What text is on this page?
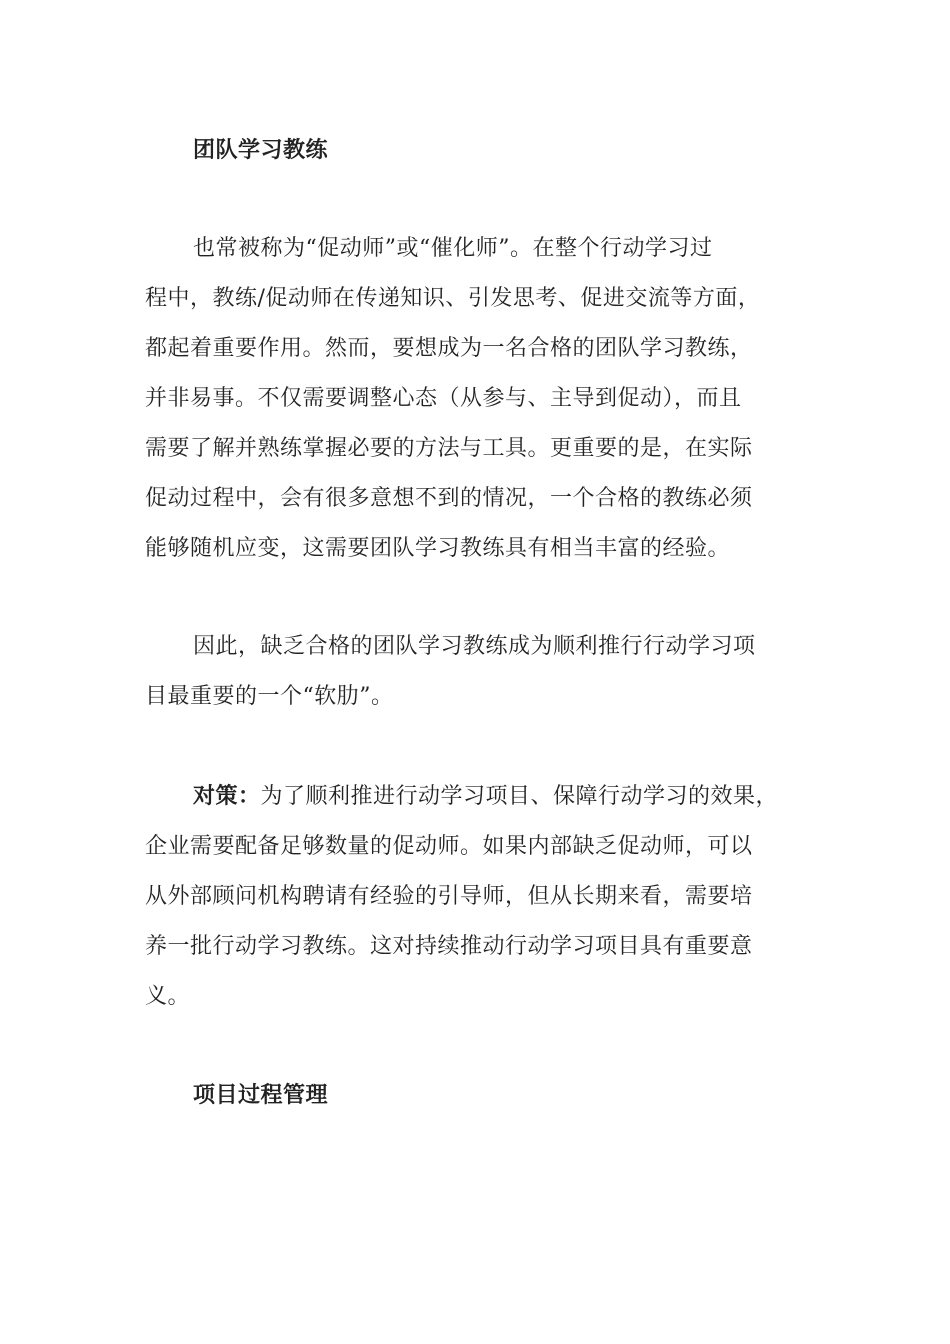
团队学习教练
也常被称为“促动师”或“催化师”。在整个行动学习过
程中，教练/促动师在传递知识、引发思考、促进交流等方面，
都起着重要作用。然而，要想成为一名合格的团队学习教练，
并非易事。不仅需要调整心态（从参与、主导到促动），而且
需要了解并熟练掌握必要的方法与工具。更重要的是，在实际
促动过程中，会有很多意想不到的情况，一个合格的教练必须
能够随机应变，这需要团队学习教练具有相当丰富的经验。
因此，缺乏合格的团队学习教练成为顺利推行行动学习项
目最重要的一个“软肋”。
对策：为了顺利推进行动学习项目、保障行动学习的效果，
企业需要配备足够数量的促动师。如果内部缺乏促动师，可以
从外部顾问机构聘请有经验的引导师，但从长期来看，需要培
养一批行动学习教练。这对持续推动行动学习项目具有重要意
义。
项目过程管理
